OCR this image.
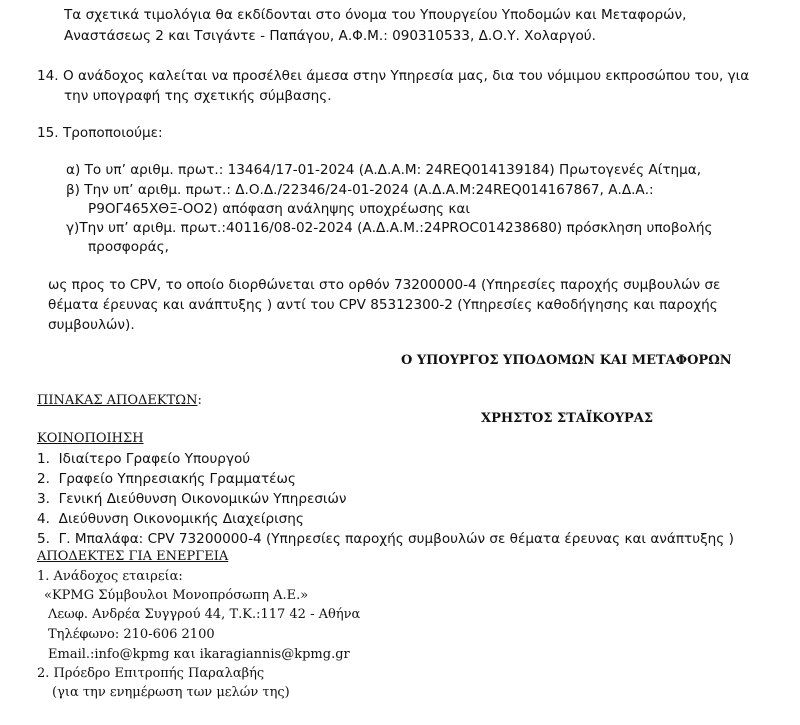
Τα σχετικά τιμολόγια θα εκδίδονται στο όνομα του Υπουργείου Υποδομών και Μεταφορών,
Αναστάσεως 2 και Τσιγάντε - Παπάγου, Α.Φ.Μ.: 090310533, Δ.Ο.Υ. Χολαργού.
14. Ο ανάδοχος καλείται να προσέλθει άμεσα στην Υπηρεσία μας, δια του νόμιμου εκπροσώπου του, για
την υπογραφή της σχετικής σύμβασης.
15. Τροποποιούμε:
α) Το υπ’ αριθμ. πρωτ.: 13464/17-01-2024 (Α.Δ.Α.Μ: 24REQ014139184) Πρωτογενές Αίτημα,
β) Την υπ’ αριθμ. πρωτ.: Δ.Ο.Δ./22346/24-01-2024 (Α.Δ.Α.Μ:24REQ014167867, Α.Δ.Α.:
Ρ9ΟΓ465ΧΘΞ-ΟΟ2) απόφαση ανάληψης υποχρέωσης και
γ)Την υπ’ αριθμ. πρωτ.:40116/08-02-2024 (Α.Δ.Α.Μ.:24PROC014238680) πρόσκληση υποβολής
προσφοράς,
ως προς το CPV, το οποίο διορθώνεται στο ορθόν 73200000-4 (Υπηρεσίες παροχής συμβουλών σε
θέματα έρευνας και ανάπτυξης ) αντί του CPV 85312300-2 (Υπηρεσίες καθοδήγησης και παροχής
συμβουλών).
Ο ΥΠΟΥΡΓΟΣ ΥΠΟΔΟΜΩΝ ΚΑΙ ΜΕΤΑΦΟΡΩΝ
ΠΙΝΑΚΑΣ ΑΠΟΔΕΚΤΩΝ:
ΧΡΗΣΤΟΣ ΣΤΑΪΚΟΥΡΑΣ
ΚΟΙΝΟΠΟΙΗΣΗ
1. Ιδιαίτερο Γραφείο Υπουργού
2. Γραφείο Υπηρεσιακής Γραμματέως
3. Γενική Διεύθυνση Οικονομικών Υπηρεσιών
4. Διεύθυνση Οικονομικής Διαχείρισης
5. Γ. Μπαλάφα: CPV 73200000-4 (Υπηρεσίες παροχής συμβουλών σε θέματα έρευνας και ανάπτυξης )
ΑΠΟΔΕΚΤΕΣ ΓΙΑ ΕΝΕΡΓΕΙΑ
1. Ανάδοχος εταιρεία:
«KPMG Σύμβουλοι Μονοπρόσωπη Α.Ε.»
Λεωφ. Ανδρέα Συγγρού 44, Τ.Κ.:117 42 - Αθήνα
Τηλέφωνο: 210-606 2100
Email.:info@kpmg και ikaragiannis@kpmg.gr
2. Πρόεδρο Επιτροπής Παραλαβής
(για την ενημέρωση των μελών της)
